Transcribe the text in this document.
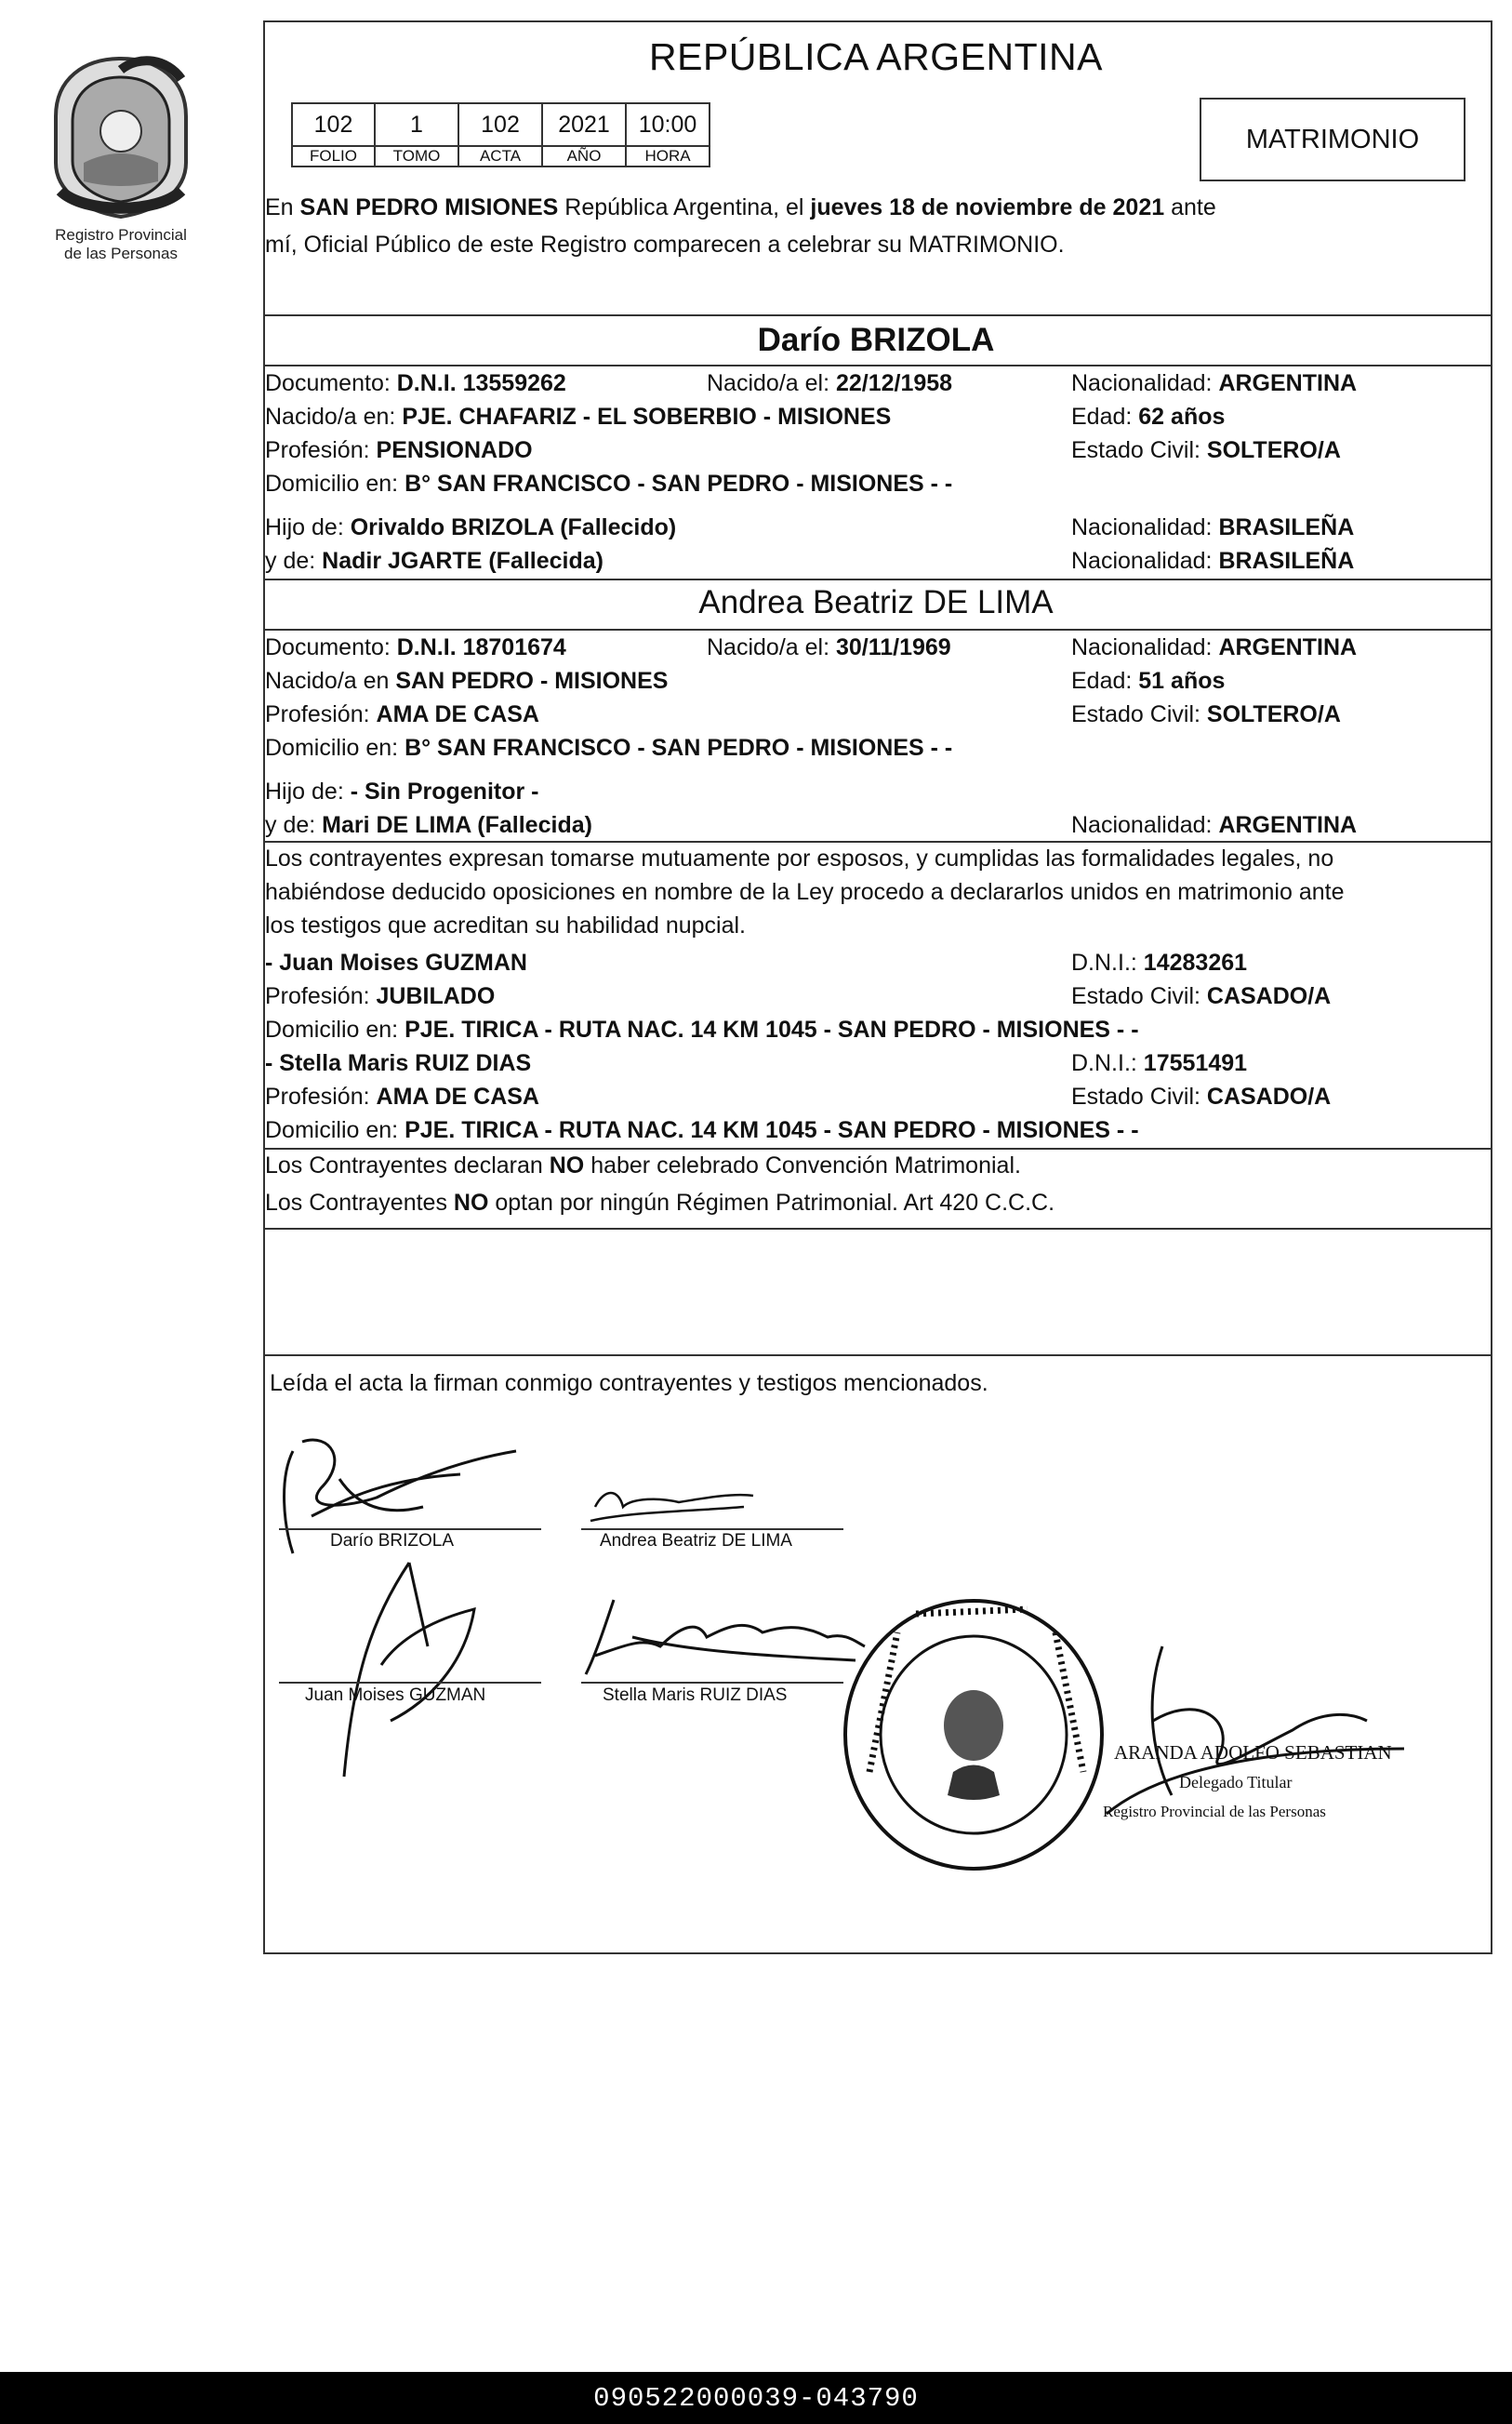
Registro Provincial
de las Personas
REPÚBLICA ARGENTINA
102	1	102	2021	10:00
FOLIO	TOMO	ACTA	AÑO	HORA
MATRIMONIO
En SAN PEDRO MISIONES República Argentina, el jueves 18 de noviembre de 2021 ante
mí, Oficial Público de este Registro comparecen a celebrar su MATRIMONIO.
Darío BRIZOLA
Documento: D.N.I. 13559262	Nacido/a el: 22/12/1958	Nacionalidad: ARGENTINA
Nacido/a en: PJE. CHAFARIZ - EL SOBERBIO - MISIONES	Edad: 62 años
Profesión: PENSIONADO	Estado Civil: SOLTERO/A
Domicilio en: B° SAN FRANCISCO - SAN PEDRO - MISIONES - -
Hijo de: Orivaldo BRIZOLA (Fallecido)	Nacionalidad: BRASILEÑA
y de: Nadir JGARTE (Fallecida)	Nacionalidad: BRASILEÑA
Andrea Beatriz DE LIMA
Documento: D.N.I. 18701674	Nacido/a el: 30/11/1969	Nacionalidad: ARGENTINA
Nacido/a en SAN PEDRO - MISIONES	Edad: 51 años
Profesión: AMA DE CASA	Estado Civil: SOLTERO/A
Domicilio en: B° SAN FRANCISCO - SAN PEDRO - MISIONES - -
Hijo de: - Sin Progenitor -
y de: Mari DE LIMA (Fallecida)	Nacionalidad: ARGENTINA
Los contrayentes expresan tomarse mutuamente por esposos, y cumplidas las formalidades legales, no
habiéndose deducido oposiciones en nombre de la Ley procedo a declararlos unidos en matrimonio ante
los testigos que acreditan su habilidad nupcial.
- Juan Moises GUZMAN	D.N.I.: 14283261
Profesión: JUBILADO	Estado Civil: CASADO/A
Domicilio en: PJE. TIRICA - RUTA NAC. 14 KM 1045 - SAN PEDRO - MISIONES - -
- Stella Maris RUIZ DIAS	D.N.I.: 17551491
Profesión: AMA DE CASA	Estado Civil: CASADO/A
Domicilio en: PJE. TIRICA - RUTA NAC. 14 KM 1045 - SAN PEDRO - MISIONES - -
Los Contrayentes declaran NO haber celebrado Convención Matrimonial.
Los Contrayentes NO optan por ningún Régimen Patrimonial. Art 420 C.C.C.
Leída el acta la firman conmigo contrayentes y testigos mencionados.
Darío BRIZOLA	Andrea Beatriz DE LIMA
Juan Moises GUZMAN	Stella Maris RUIZ DIAS
ARANDA ADOLFO SEBASTIAN
Delegado Titular
Registro Provincial de las Personas
090522000039-043790
